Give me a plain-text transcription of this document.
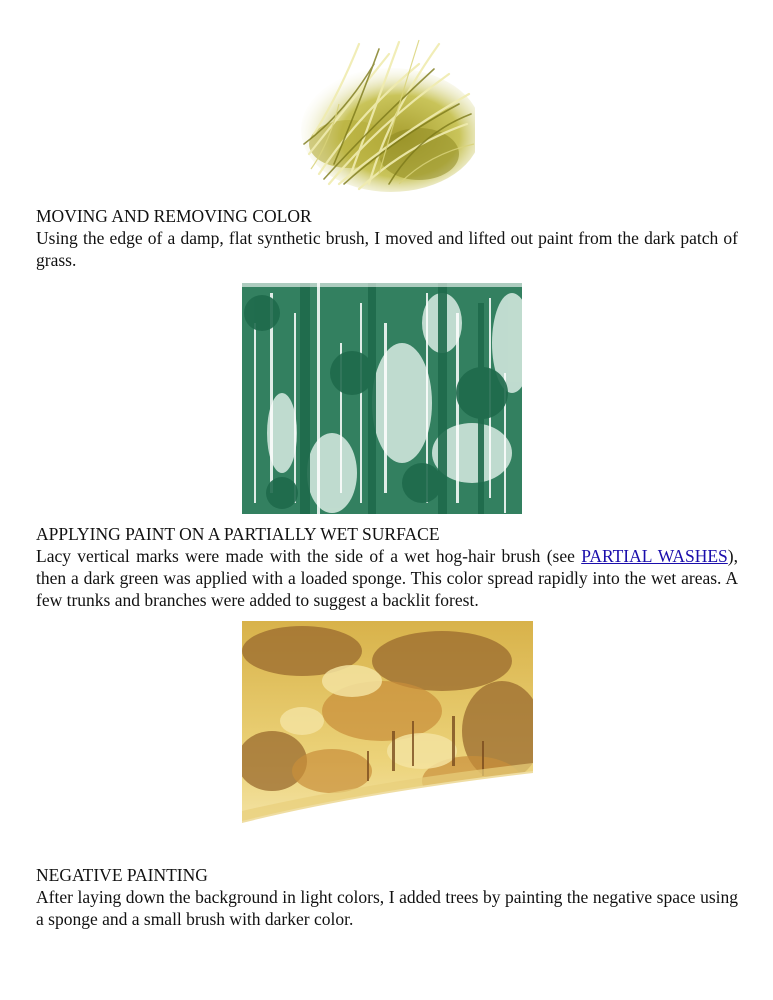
MOVING AND REMOVING COLOR

Using the edge of a damp, flat synthetic brush, I moved and lifted out paint from the dark patch of grass.

APPLYING PAINT ON A PARTIALLY WET SURFACE

Lacy vertical marks were made with the side of a wet hog-hair brush (see PARTIAL WASHES), then a dark green was applied with a loaded sponge. This color spread rapidly into the wet areas. A few trunks and branches were added to suggest a backlit forest.

NEGATIVE PAINTING

After laying down the background in light colors, I added trees by painting the negative space using a sponge and a small brush with darker color.
